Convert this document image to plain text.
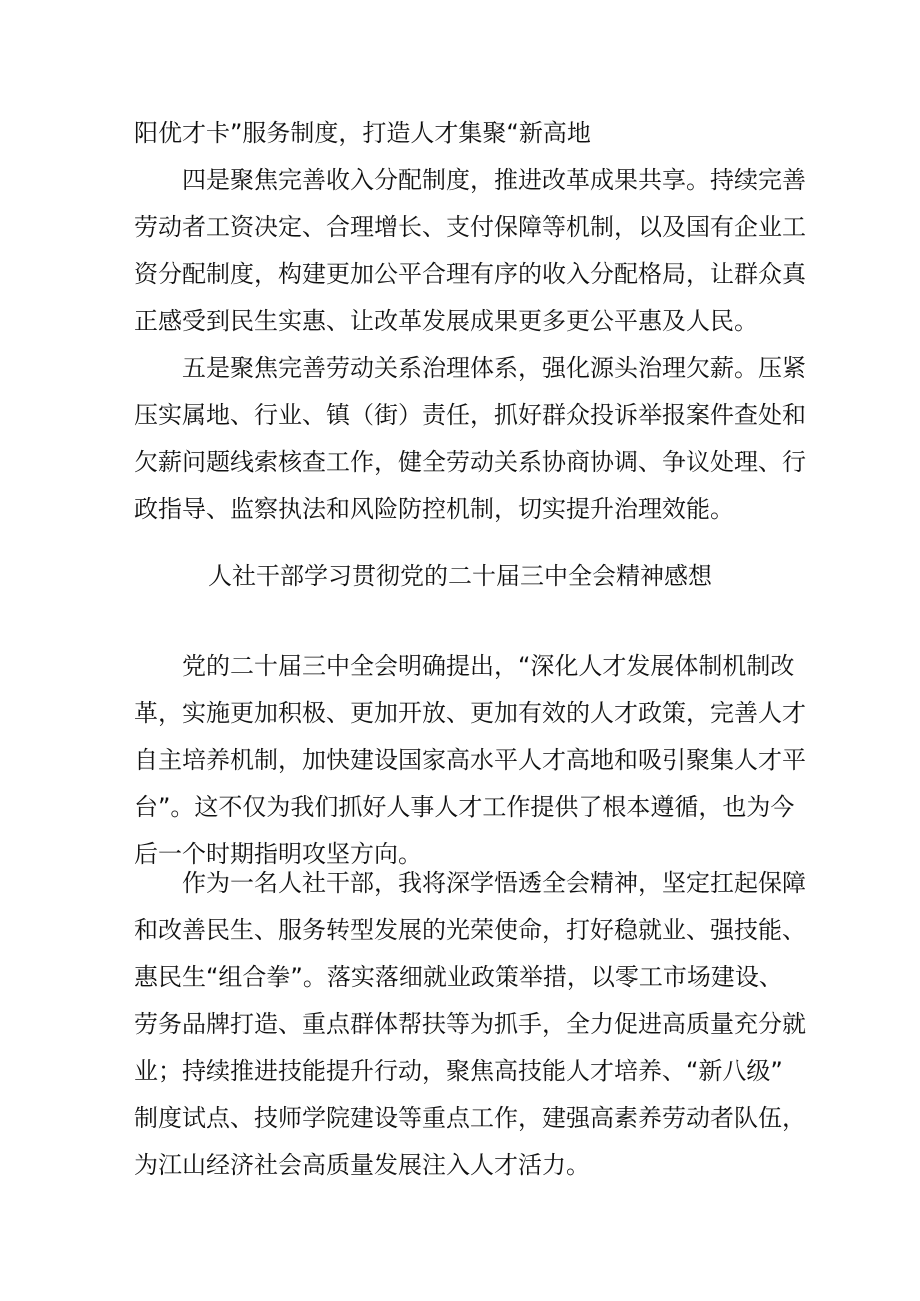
阳优才卡”服务制度，打造人才集聚“新高地
四是聚焦完善收入分配制度，推进改革成果共享。持续完善
劳动者工资决定、合理增长、支付保障等机制，以及国有企业工
资分配制度，构建更加公平合理有序的收入分配格局，让群众真
正感受到民生实惠、让改革发展成果更多更公平惠及人民。
五是聚焦完善劳动关系治理体系，强化源头治理欠薪。压紧
压实属地、行业、镇（街）责任，抓好群众投诉举报案件查处和
欠薪问题线索核查工作，健全劳动关系协商协调、争议处理、行
政指导、监察执法和风险防控机制，切实提升治理效能。
人社干部学习贯彻党的二十届三中全会精神感想
党的二十届三中全会明确提出，“深化人才发展体制机制改
革，实施更加积极、更加开放、更加有效的人才政策，完善人才
自主培养机制，加快建设国家高水平人才高地和吸引聚集人才平
台”。这不仅为我们抓好人事人才工作提供了根本遵循，也为今
后一个时期指明攻坚方向。
作为一名人社干部，我将深学悟透全会精神，坚定扛起保障
和改善民生、服务转型发展的光荣使命，打好稳就业、强技能、
惠民生“组合拳”。落实落细就业政策举措，以零工市场建设、
劳务品牌打造、重点群体帮扶等为抓手，全力促进高质量充分就
业；持续推进技能提升行动，聚焦高技能人才培养、“新八级”
制度试点、技师学院建设等重点工作，建强高素养劳动者队伍，
为江山经济社会高质量发展注入人才活力。
